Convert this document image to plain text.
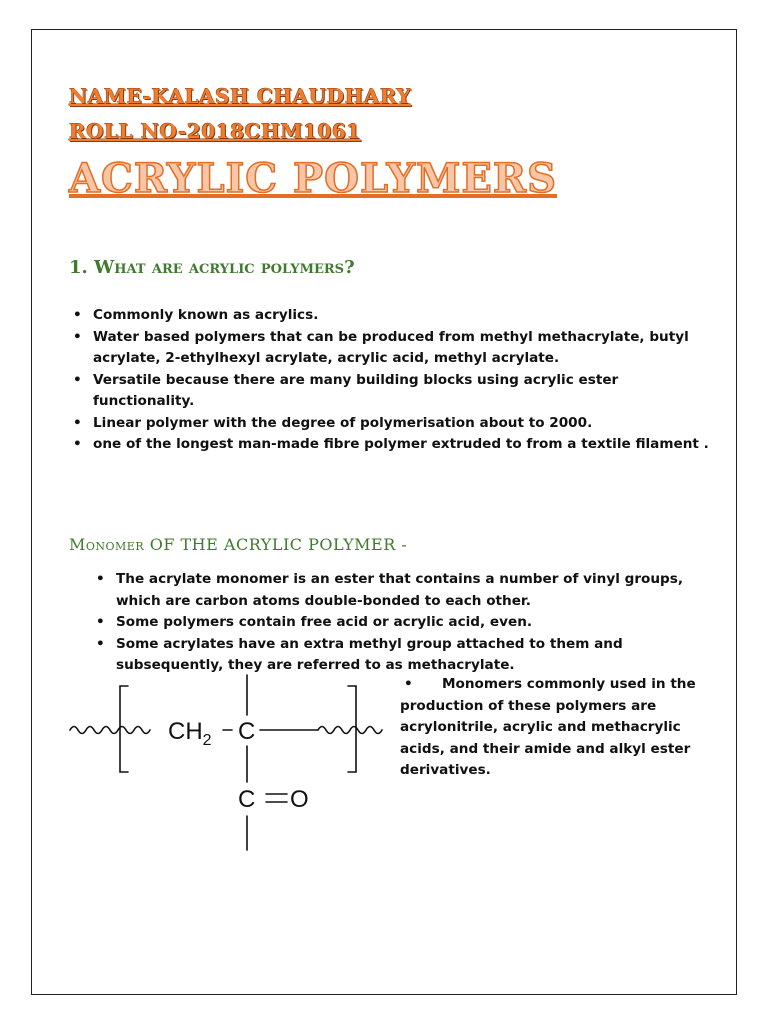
NAME-KALASH CHAUDHARY
ROLL NO-2018CHM1061
ACRYLIC POLYMERS
1. What are acrylic polymers?
• Commonly known as acrylics.
• Water based polymers that can be produced from methyl methacrylate, butyl acrylate, 2-ethylhexyl acrylate, acrylic acid, methyl acrylate.
• Versatile because there are many building blocks using acrylic ester functionality.
• Linear polymer with the degree of polymerisation about to 2000.
• one of the longest man-made fibre polymer extruded to from a textile filament .
Monomer OF THE ACRYLIC POLYMER -
• The acrylate monomer is an ester that contains a number of vinyl groups, which are carbon atoms double-bonded to each other.
• Some polymers contain free acid or acrylic acid, even.
• Some acrylates have an extra methyl group attached to them and subsequently, they are referred to as methacrylate.
• Monomers commonly used in the production of these polymers are acrylonitrile, acrylic and methacrylic acids, and their amide and alkyl ester derivatives.
$CH_2$ C
C O
